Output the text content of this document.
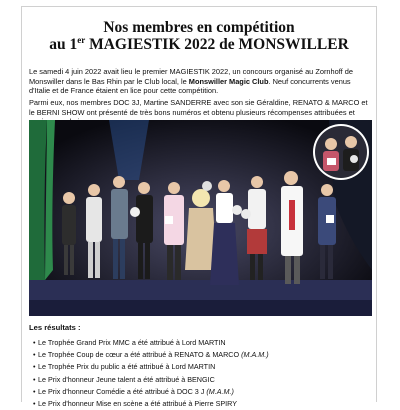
Nos membres en compétition
au 1er MAGIESTIK 2022 de MONSWILLER
Le samedi 4 juin 2022 avait lieu le premier MAGIESTIK 2022, un concours organisé au Zornhoff de Monswiller dans le Bas Rhin par le Club local, le Monswiller Magic Club. Neuf concurrents venus d'Italie et de France étaient en lice pour cette compétition.
Parmi eux, nos membres DOC 3J, Martine SANDERRE avec son sie Géraldine, RENATO & MARCO et le BERNI SHOW ont présenté de très bons numéros et obtenu plusieurs récompenses attribuées et
Les résultats :
• Le Trophée Grand Prix MMC a été attribué à Lord MARTIN
• Le Trophée Coup de cœur a été attribué à RENATO & MARCO (M.A.M.)
• Le Trophée Prix du public a été attribué à Lord MARTIN
• Le Prix d'honneur Jeune talent a été attribué à BENGIC
• Le Prix d'honneur Comédie a été attribué à DOC 3 J (M.A.M.)
• Le Prix d'honneur Mise en scène a été attribué à Pierre SPIRY
